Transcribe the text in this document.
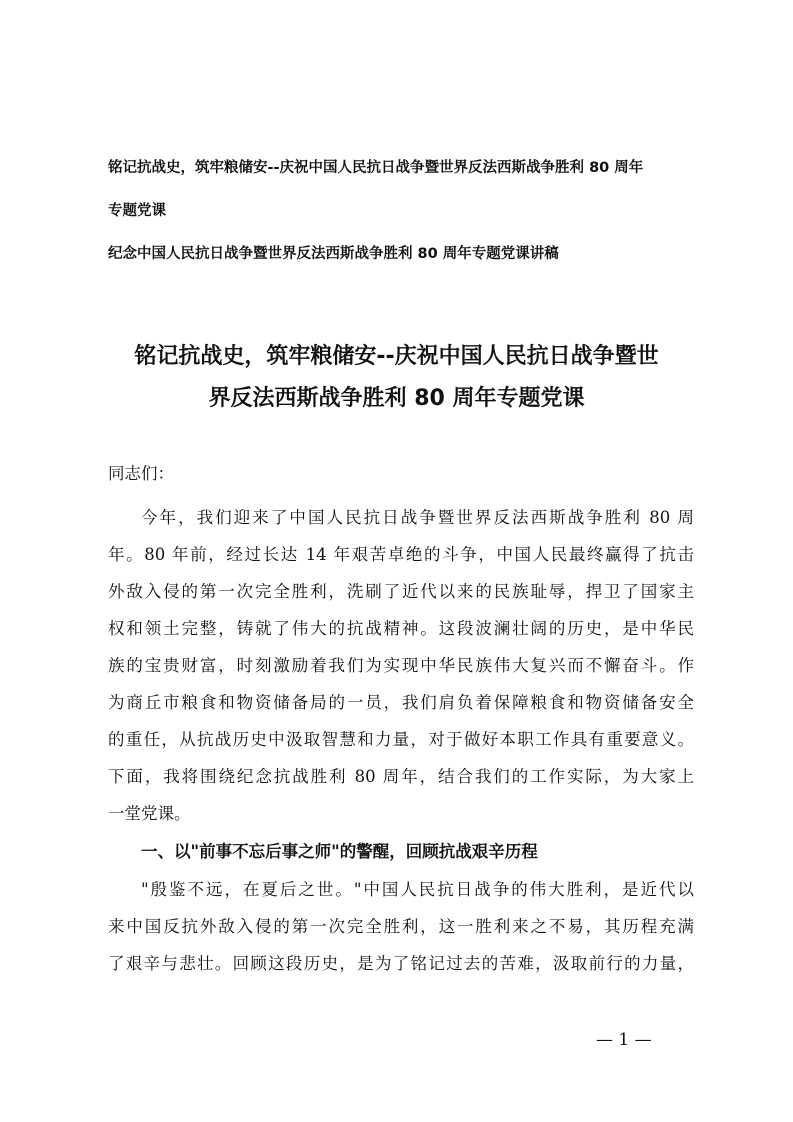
铭记抗战史，筑牢粮储安--庆祝中国人民抗日战争暨世界反法西斯战争胜利 80 周年
专题党课
纪念中国人民抗日战争暨世界反法西斯战争胜利 80 周年专题党课讲稿
铭记抗战史，筑牢粮储安--庆祝中国人民抗日战争暨世
界反法西斯战争胜利 80 周年专题党课
同志们：
今年，我们迎来了中国人民抗日战争暨世界反法西斯战争胜利 80 周
年。80 年前，经过长达 14 年艰苦卓绝的斗争，中国人民最终赢得了抗击
外敌入侵的第一次完全胜利，洗刷了近代以来的民族耻辱，捍卫了国家主
权和领土完整，铸就了伟大的抗战精神。这段波澜壮阔的历史，是中华民
族的宝贵财富，时刻激励着我们为实现中华民族伟大复兴而不懈奋斗。作
为商丘市粮食和物资储备局的一员，我们肩负着保障粮食和物资储备安全
的重任，从抗战历史中汲取智慧和力量，对于做好本职工作具有重要意义。
下面，我将围绕纪念抗战胜利 80 周年，结合我们的工作实际，为大家上
一堂党课。
一、以"前事不忘后事之师"的警醒，回顾抗战艰辛历程
"殷鉴不远，在夏后之世。"中国人民抗日战争的伟大胜利，是近代以
来中国反抗外敌入侵的第一次完全胜利，这一胜利来之不易，其历程充满
了艰辛与悲壮。回顾这段历史，是为了铭记过去的苦难，汲取前行的力量，
— 1 —
